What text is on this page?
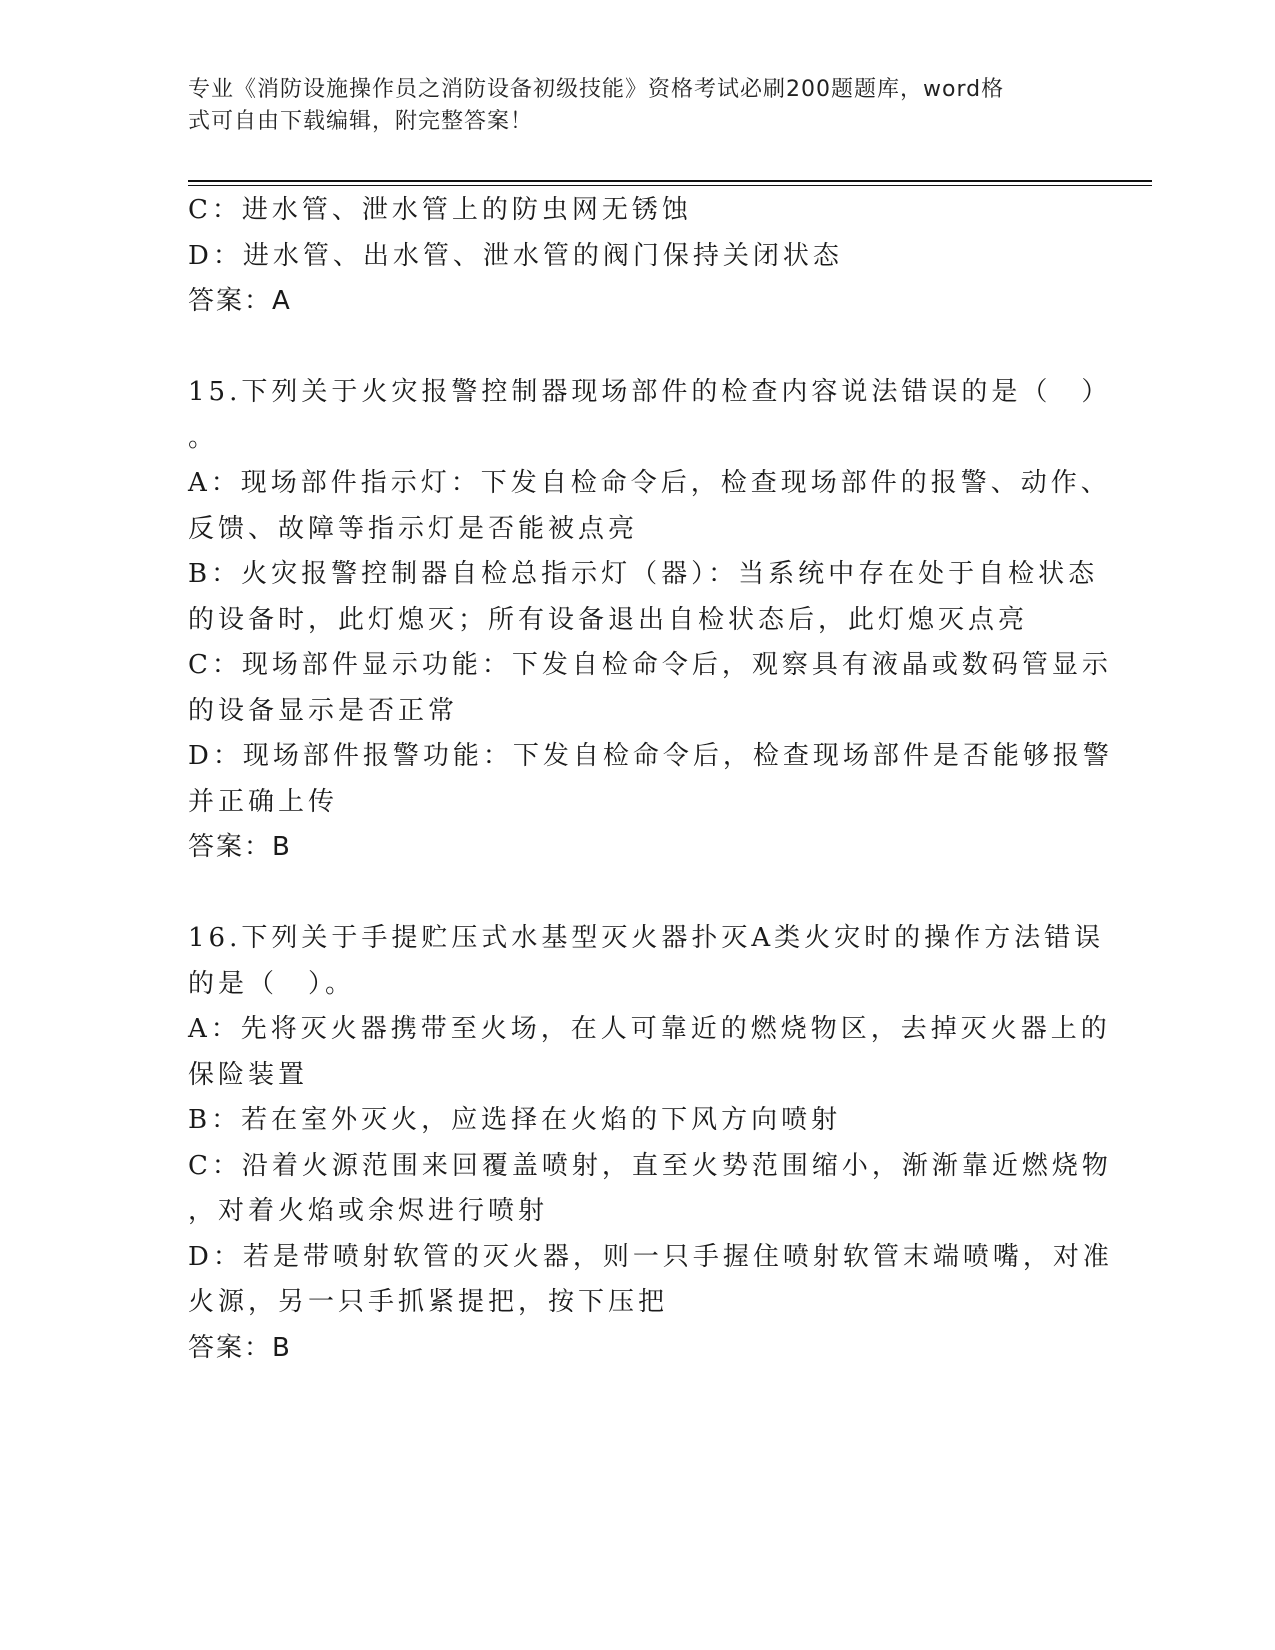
专业《消防设施操作员之消防设备初级技能》资格考试必刷200题题库，word格
式可自由下载编辑，附完整答案！
C：进水管、泄水管上的防虫网无锈蚀
D：进水管、出水管、泄水管的阀门保持关闭状态
答案：A
15.下列关于火灾报警控制器现场部件的检查内容说法错误的是（　）
。
A：现场部件指示灯：下发自检命令后，检查现场部件的报警、动作、
反馈、故障等指示灯是否能被点亮
B：火灾报警控制器自检总指示灯（器）：当系统中存在处于自检状态
的设备时，此灯熄灭；所有设备退出自检状态后，此灯熄灭点亮
C：现场部件显示功能：下发自检命令后，观察具有液晶或数码管显示
的设备显示是否正常
D：现场部件报警功能：下发自检命令后，检查现场部件是否能够报警
并正确上传
答案：B
16.下列关于手提贮压式水基型灭火器扑灭A类火灾时的操作方法错误
的是（　）。
A：先将灭火器携带至火场，在人可靠近的燃烧物区，去掉灭火器上的
保险装置
B：若在室外灭火，应选择在火焰的下风方向喷射
C：沿着火源范围来回覆盖喷射，直至火势范围缩小，渐渐靠近燃烧物
，对着火焰或余烬进行喷射
D：若是带喷射软管的灭火器，则一只手握住喷射软管末端喷嘴，对准
火源，另一只手抓紧提把，按下压把
答案：B
